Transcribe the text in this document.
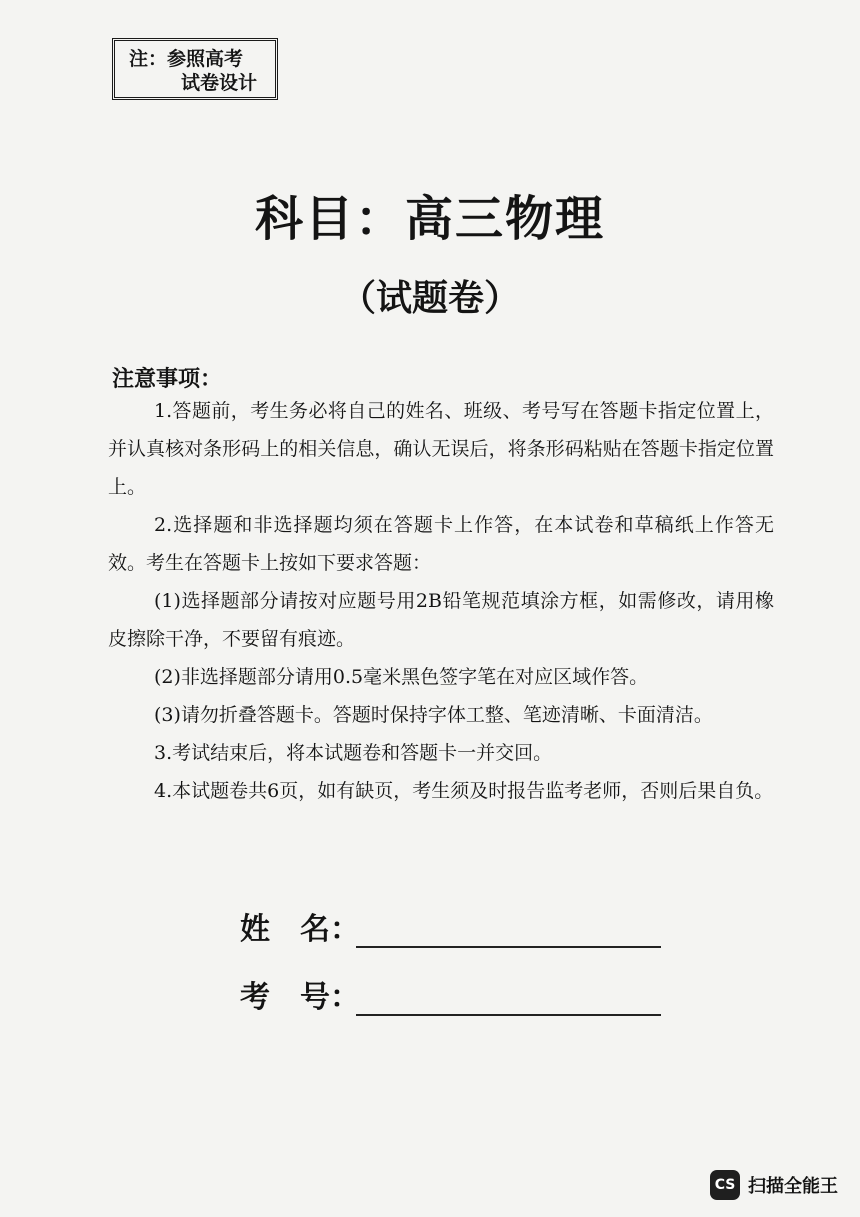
注：参照高考
试卷设计
科目：高三物理
（试题卷）
注意事项：

1.答题前，考生务必将自己的姓名、班级、考号写在答题卡指定位置上，并认真核对条形码上的相关信息，确认无误后，将条形码粘贴在答题卡指定位置上。

2.选择题和非选择题均须在答题卡上作答，在本试卷和草稿纸上作答无效。考生在答题卡上按如下要求答题：

(1)选择题部分请按对应题号用2B铅笔规范填涂方框，如需修改，请用橡皮擦除干净，不要留有痕迹。

(2)非选择题部分请用0.5毫米黑色签字笔在对应区域作答。

(3)请勿折叠答题卡。答题时保持字体工整、笔迹清晰、卡面清洁。

3.考试结束后，将本试题卷和答题卡一并交回。

4.本试题卷共6页，如有缺页，考生须及时报告监考老师，否则后果自负。

姓　名：
考　号：
CS 扫描全能王
